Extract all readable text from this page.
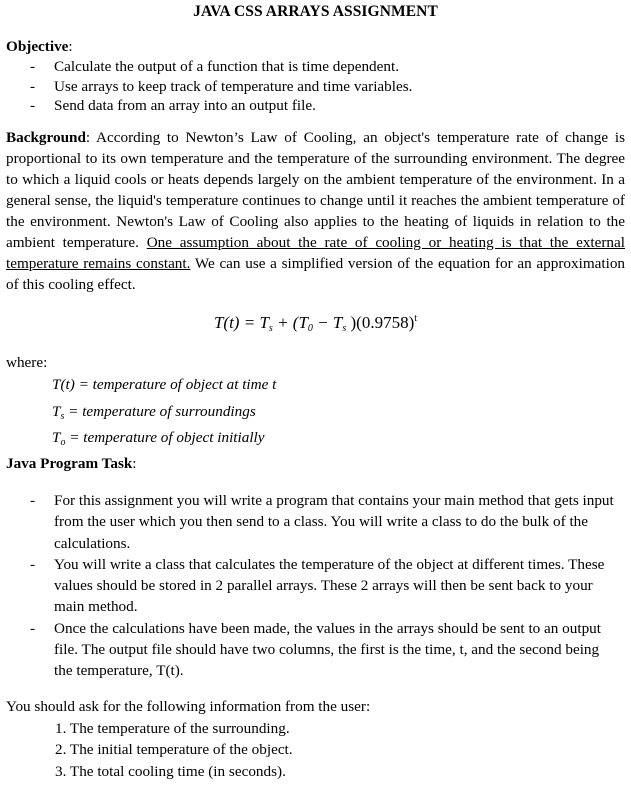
JAVA CSS ARRAYS ASSIGNMENT
Objective:
- Calculate the output of a function that is time dependent.
- Use arrays to keep track of temperature and time variables.
- Send data from an array into an output file.
Background: According to Newton’s Law of Cooling, an object's temperature rate of change is proportional to its own temperature and the temperature of the surrounding environment. The degree to which a liquid cools or heats depends largely on the ambient temperature of the environment. In a general sense, the liquid's temperature continues to change until it reaches the ambient temperature of the environment. Newton's Law of Cooling also applies to the heating of liquids in relation to the ambient temperature. One assumption about the rate of cooling or heating is that the external temperature remains constant. We can use a simplified version of the equation for an approximation of this cooling effect.
$T(t) = T_s + (T_0 - T_s$ )$(0.9758)^t$
where:
T(t) = temperature of object at time t
$T_s$ = temperature of surroundings
$T_o$ = temperature of object initially
Java Program Task:
- For this assignment you will write a program that contains your main method that gets input from the user which you then send to a class. You will write a class to do the bulk of the calculations.
- You will write a class that calculates the temperature of the object at different times. These values should be stored in 2 parallel arrays. These 2 arrays will then be sent back to your main method.
- Once the calculations have been made, the values in the arrays should be sent to an output file. The output file should have two columns, the first is the time, t, and the second being the temperature, T(t).
You should ask for the following information from the user:
1. The temperature of the surrounding.
2. The initial temperature of the object.
3. The total cooling time (in seconds).
